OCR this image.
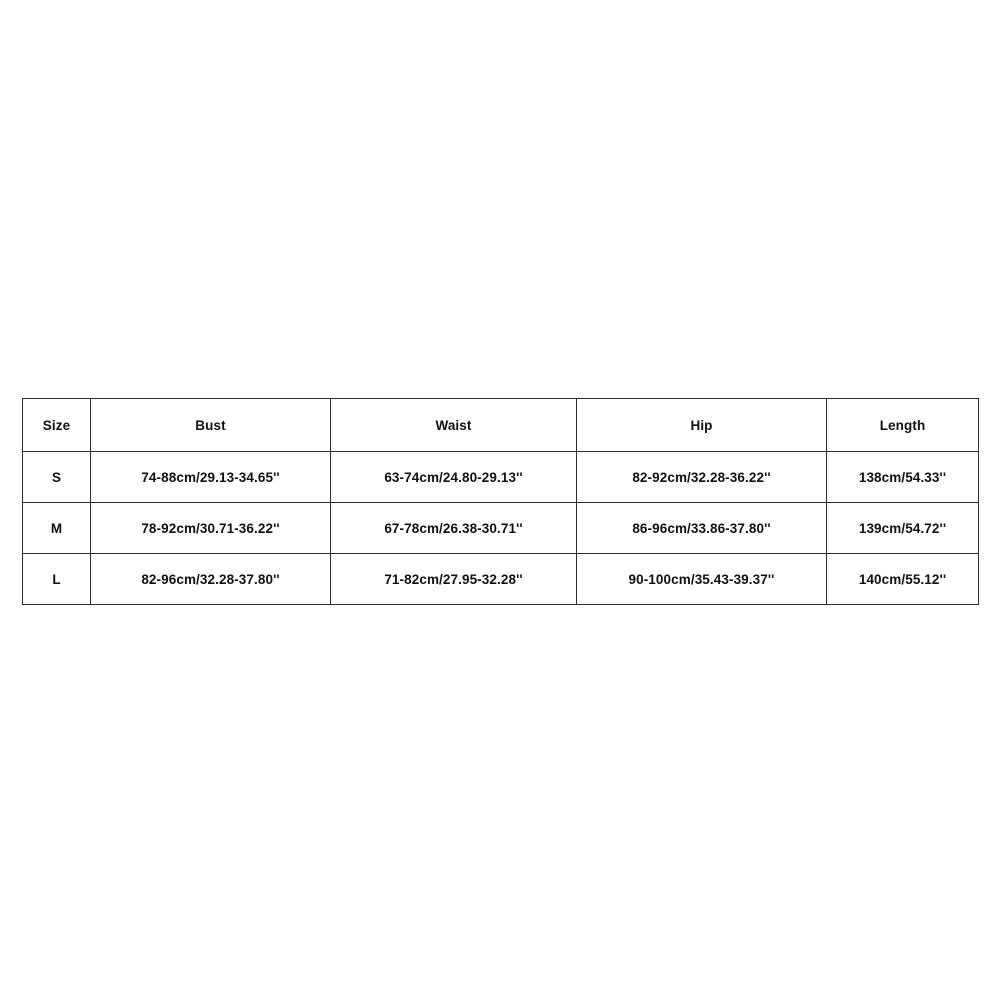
Size	Bust	Waist	Hip	Length
S	74-88cm/29.13-34.65''	63-74cm/24.80-29.13''	82-92cm/32.28-36.22''	138cm/54.33''
M	78-92cm/30.71-36.22''	67-78cm/26.38-30.71''	86-96cm/33.86-37.80''	139cm/54.72''
L	82-96cm/32.28-37.80''	71-82cm/27.95-32.28''	90-100cm/35.43-39.37''	140cm/55.12''
